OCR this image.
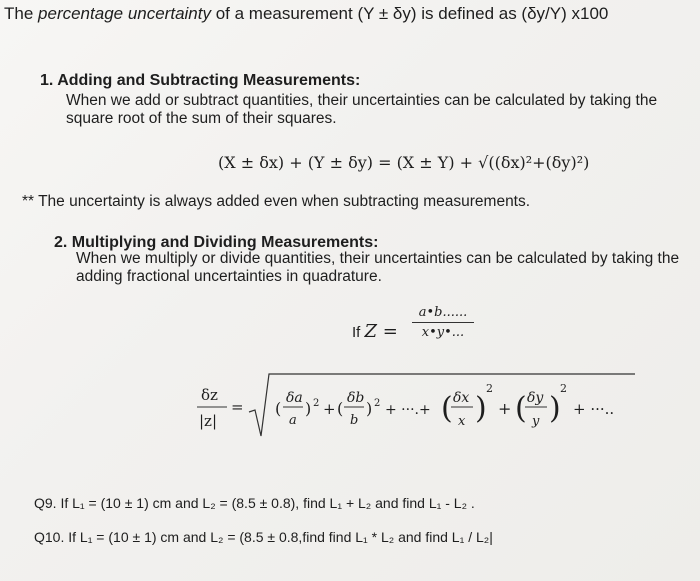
The percentage uncertainty of a measurement (Y ± δy) is defined as (δy/Y) x100
1. Adding and Subtracting Measurements:
When we add or subtract quantities, their uncertainties can be calculated by taking the
square root of the sum of their squares.
(X ± δx) + (Y ± δy) = (X ± Y) + √((δx)²+(δy)²)
** The uncertainty is always added even when subtracting measurements.
2. Multiplying and Dividing Measurements:
When we multiply or divide quantities, their uncertainties can be calculated by taking the
adding fractional uncertainties in quadrature.
If $Z = \frac{a•b......}{x•y•...}$
δz
|z|
= (
δa
a
) 2 + (
δb
b
) 2 + ···.+ ( δx
x )
2
+ ( δy
y )
2
+ ···..
Q9. If L₁ = (10 ± 1) cm and L₂ = (8.5 ± 0.8), find L₁ + L₂ and find L₁ - L₂ .
Q10. If L₁ = (10 ± 1) cm and L₂ = (8.5 ± 0.8,find find L₁ * L₂ and find L₁ / L₂|
